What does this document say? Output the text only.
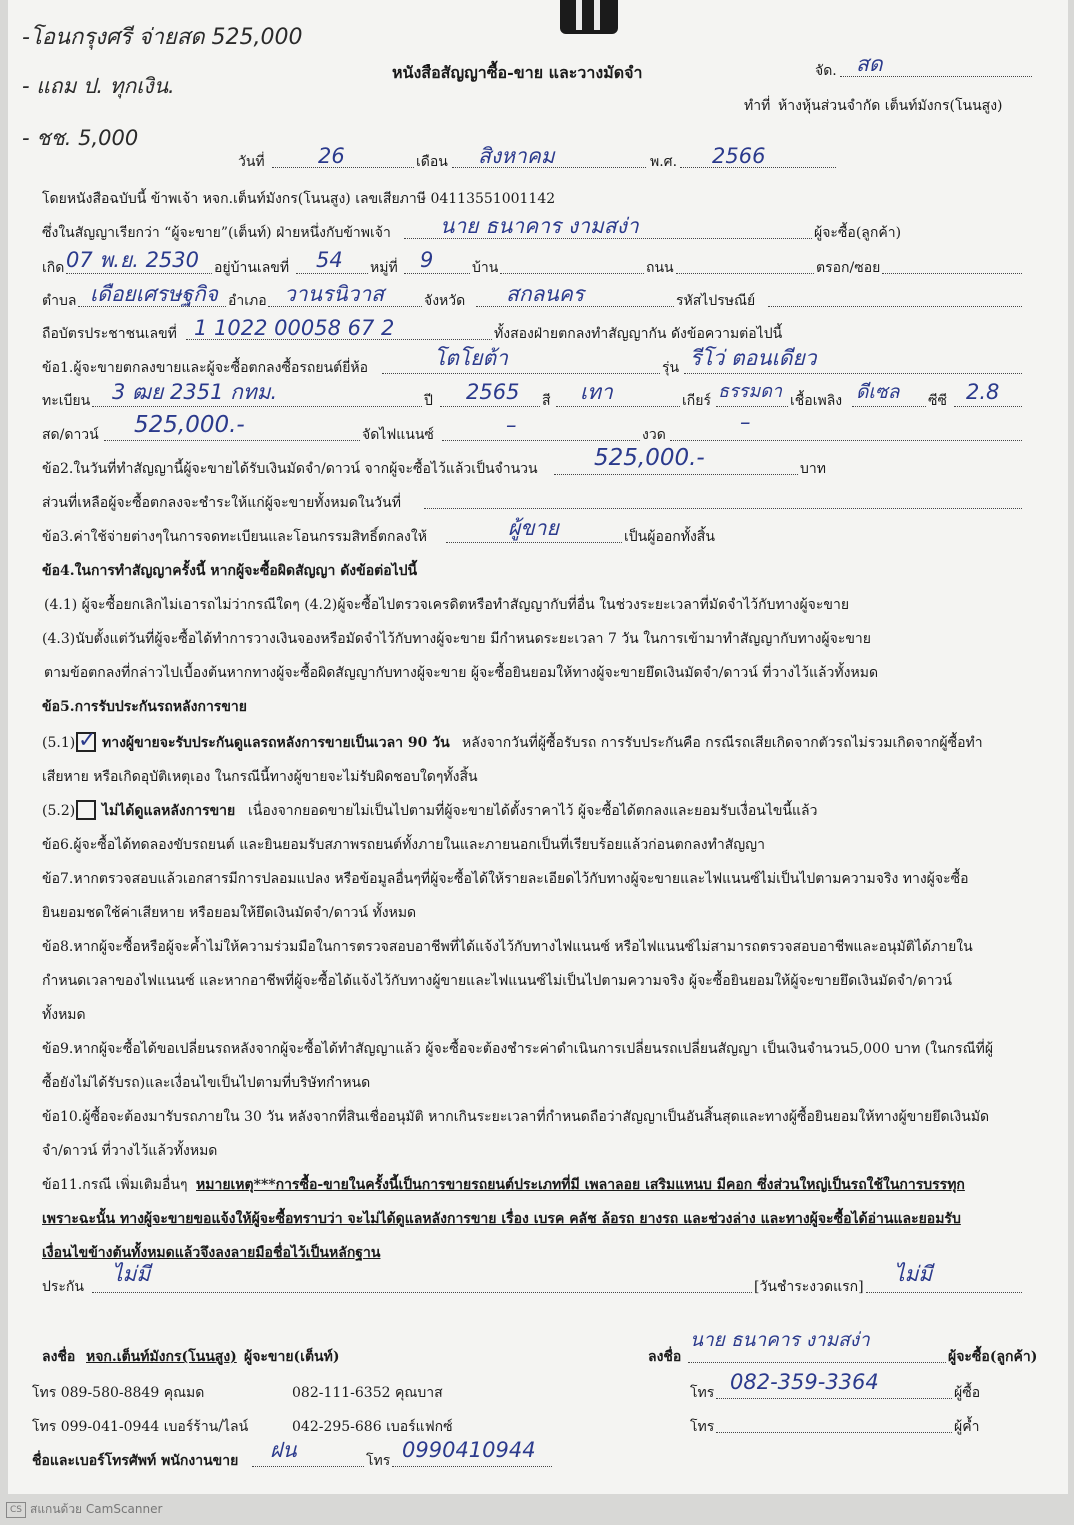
-โอนกรุงศรี จ่ายสด 525,000
- แถม ป. ทุกเงิน.
- ชช. 5,000
หนังสือสัญญาซื้อ-ขาย และวางมัดจำ	จัด. สด
ทำที่ ห้างหุ้นส่วนจำกัด เต็นท์มังกร(โนนสูง)
วันที่	26	เดือน สิงหาคม	พ.ศ. 2566
โดยหนังสือฉบับนี้ ข้าพเจ้า หจก.เต็นท์มังกร(โนนสูง) เลขเสียภาษี 04113551001142
ซึ่งในสัญญาเรียกว่า “ผู้จะขาย”(เต็นท์) ฝ่ายหนึ่งกับข้าพเจ้า นาย ธนาคาร งามสง่า	ผู้จะซื้อ(ลูกค้า)
เกิด 07 พ.ย. 2530 อยู่บ้านเลขที่ 54 หมู่ที่ 9	บ้าน	ถนน	ตรอก/ซอย
ตำบล เดือยเศรษฐกิจ อำเภอ วานรนิวาส	จังหวัด สกลนคร	รหัสไปรษณีย์
ถือบัตรประชาชนเลขที่ 1 1022 00058 67 2	ทั้งสองฝ่ายตกลงทำสัญญากัน ดังข้อความต่อไปนี้
ข้อ1.ผู้จะขายตกลงขายและผู้จะซื้อตกลงซื้อรถยนต์ยี่ห้อ	โตโยต้า	รุ่น รีโว่ ตอนเดียว
ทะเบียน 3 ฒย 2351 กทม.	ปี 2565 สี เทา	เกียร์ ธรรมดา เชื้อเพลิง ดีเซล ซีซี 2.8
สด/ดาวน์ 525,000.-	จัดไฟแนนซ์	–	งวด
–
ข้อ2.ในวันที่ทำสัญญานี้ผู้จะขายได้รับเงินมัดจำ/ดาวน์ จากผู้จะซื้อไว้แล้วเป็นจำนวน 525,000.-	บาท
ส่วนที่เหลือผู้จะซื้อตกลงจะชำระให้แก่ผู้จะขายทั้งหมดในวันที่
ข้อ3.ค่าใช้จ่ายต่างๆในการจดทะเบียนและโอนกรรมสิทธิ์ตกลงให้	ผู้ขาย	เป็นผู้ออกทั้งสิ้น
ข้อ4.ในการทำสัญญาครั้งนี้ หากผู้จะซื้อผิดสัญญา ดังข้อต่อไปนี้
(4.1) ผู้จะซื้อยกเลิกไม่เอารถไม่ว่ากรณีใดๆ (4.2)ผู้จะซื้อไปตรวจเครดิตหรือทำสัญญากับที่อื่น ในช่วงระยะเวลาที่มัดจำไว้กับทางผู้จะขาย
(4.3)นับตั้งแต่วันที่ผู้จะซื้อได้ทำการวางเงินจองหรือมัดจำไว้กับทางผู้จะขาย มีกำหนดระยะเวลา 7 วัน ในการเข้ามาทำสัญญากับทางผู้จะขาย
ตามข้อตกลงที่กล่าวไปเบื้องต้นหากทางผู้จะซื้อผิดสัญญากับทางผู้จะขาย ผู้จะซื้อยินยอมให้ทางผู้จะขายยึดเงินมัดจำ/ดาวน์ ที่วางไว้แล้วทั้งหมด
ข้อ5.การรับประกันรถหลังการขาย
(5.1) ✓ ทางผู้ขายจะรับประกันดูแลรถหลังการขายเป็นเวลา 90 วัน หลังจากวันที่ผู้ซื้อรับรถ การรับประกันคือ กรณีรถเสียเกิดจากตัวรถไม่รวมเกิดจากผู้ซื้อทำ
เสียหาย หรือเกิดอุบัติเหตุเอง ในกรณีนี้ทางผู้ขายจะไม่รับผิดชอบใดๆทั้งสิ้น
(5.2) ไม่ได้ดูแลหลังการขาย เนื่องจากยอดขายไม่เป็นไปตามที่ผู้จะขายได้ตั้งราคาไว้ ผู้จะซื้อได้ตกลงและยอมรับเงื่อนไขนี้แล้ว
ข้อ6.ผู้จะซื้อได้ทดลองขับรถยนต์ และยินยอมรับสภาพรถยนต์ทั้งภายในและภายนอกเป็นที่เรียบร้อยแล้วก่อนตกลงทำสัญญา
ข้อ7.หากตรวจสอบแล้วเอกสารมีการปลอมแปลง หรือข้อมูลอื่นๆที่ผู้จะซื้อได้ให้รายละเอียดไว้กับทางผู้จะขายและไฟแนนซ์ไม่เป็นไปตามความจริง ทางผู้จะซื้อ
ยินยอมชดใช้ค่าเสียหาย หรือยอมให้ยึดเงินมัดจำ/ดาวน์ ทั้งหมด
ข้อ8.หากผู้จะซื้อหรือผู้จะค้ำไม่ให้ความร่วมมือในการตรวจสอบอาชีพที่ได้แจ้งไว้กับทางไฟแนนซ์ หรือไฟแนนซ์ไม่สามารถตรวจสอบอาชีพและอนุมัติได้ภายใน
กำหนดเวลาของไฟแนนซ์ และหากอาชีพที่ผู้จะซื้อได้แจ้งไว้กับทางผู้ขายและไฟแนนซ์ไม่เป็นไปตามความจริง ผู้จะซื้อยินยอมให้ผู้จะขายยึดเงินมัดจำ/ดาวน์
ทั้งหมด
ข้อ9.หากผู้จะซื้อได้ขอเปลี่ยนรถหลังจากผู้จะซื้อได้ทำสัญญาแล้ว ผู้จะซื้อจะต้องชำระค่าดำเนินการเปลี่ยนรถเปลี่ยนสัญญา เป็นเงินจำนวน5,000 บาท (ในกรณีที่ผู้
ซื้อยังไม่ได้รับรถ)และเงื่อนไขเป็นไปตามที่บริษัทกำหนด
ข้อ10.ผู้ซื้อจะต้องมารับรถภายใน 30 วัน หลังจากที่สินเชื่ออนุมัติ หากเกินระยะเวลาที่กำหนดถือว่าสัญญาเป็นอันสิ้นสุดและทางผู้ซื้อยินยอมให้ทางผู้ขายยึดเงินมัด
จำ/ดาวน์ ที่วางไว้แล้วทั้งหมด
ข้อ11.กรณี เพิ่มเติมอื่นๆ หมายเหตุ***การซื้อ-ขายในครั้งนี้เป็นการขายรถยนต์ประเภทที่มี เพลาลอย เสริมแหนบ มีคอก ซึ่งส่วนใหญ่เป็นรถใช้ในการบรรทุก
เพราะฉะนั้น ทางผู้จะขายขอแจ้งให้ผู้จะซื้อทราบว่า จะไม่ได้ดูแลหลังการขาย เรื่อง เบรค คลัช ล้อรถ ยางรถ และช่วงล่าง และทางผู้จะซื้อได้อ่านและยอมรับ
เงื่อนไขข้างต้นทั้งหมดแล้วจึงลงลายมือชื่อไว้เป็นหลักฐาน
ประกัน
ไม่มี
[วันชำระงวดแรก]
ไม่มี
ลงชื่อ หจก.เต็นท์มังกร(โนนสูง) ผู้จะขาย(เต็นท์)	ลงชื่อ
นาย ธนาคาร งามสง่า
ผู้จะซื้อ(ลูกค้า)
โทร 089-580-8849 คุณมด	082-111-6352 คุณบาส	โทร 082-359-3364	ผู้ซื้อ
โทร 099-041-0944 เบอร์ร้าน/ไลน์	042-295-686 เบอร์แฟกซ์	โทร	ผู้ค้ำ
ชื่อและเบอร์โทรศัพท์ พนักงานขาย ฝน	โทร 0990410944
CS สแกนด้วย CamScanner
